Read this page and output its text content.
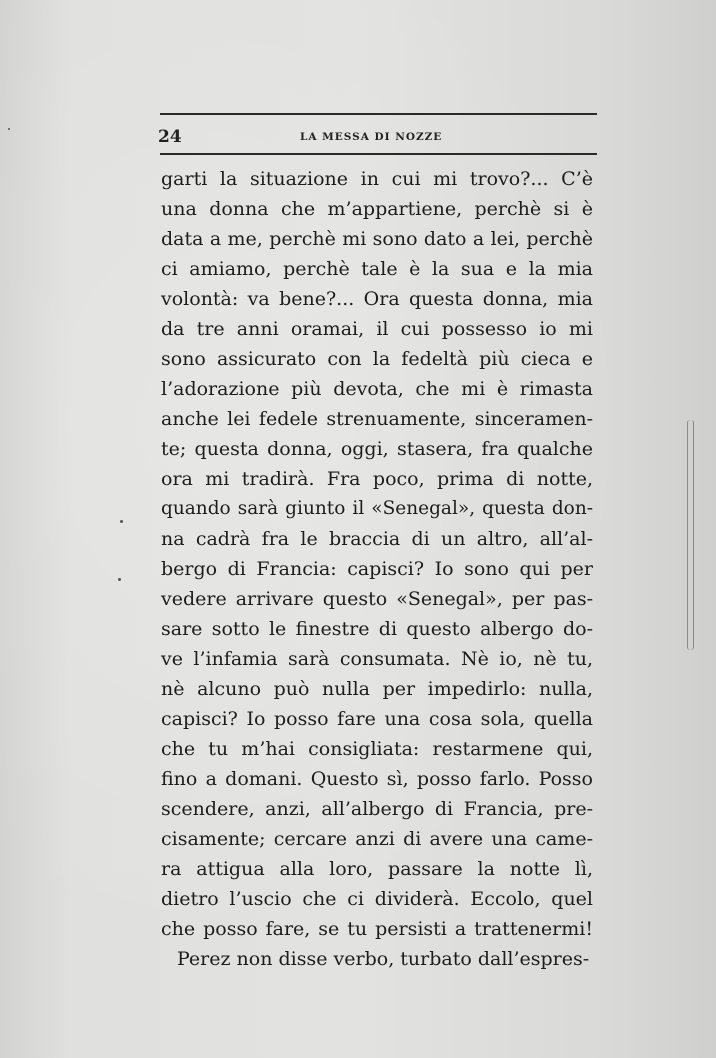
24	LA MESSA DI NOZZE
garti la situazione in cui mi trovo?... C’è
una donna che m’appartiene, perchè si è
data a me, perchè mi sono dato a lei, perchè
ci amiamo, perchè tale è la sua e la mia
volontà: va bene?... Ora questa donna, mia
da tre anni oramai, il cui possesso io mi
sono assicurato con la fedeltà più cieca e
l’adorazione più devota, che mi è rimasta
anche lei fedele strenuamente, sinceramen-
te; questa donna, oggi, stasera, fra qualche
ora mi tradirà. Fra poco, prima di notte,
quando sarà giunto il «Senegal», questa don-
na cadrà fra le braccia di un altro, all’al-
bergo di Francia: capisci? Io sono qui per
vedere arrivare questo «Senegal», per pas-
sare sotto le finestre di questo albergo do-
ve l’infamia sarà consumata. Nè io, nè tu,
nè alcuno può nulla per impedirlo: nulla,
capisci? Io posso fare una cosa sola, quella
che tu m’hai consigliata: restarmene qui,
fino a domani. Questo sì, posso farlo. Posso
scendere, anzi, all’albergo di Francia, pre-
cisamente; cercare anzi di avere una came-
ra attigua alla loro, passare la notte lì,
dietro l’uscio che ci dividerà. Eccolo, quel
che posso fare, se tu persisti a trattenermi!
Perez non disse verbo, turbato dall’espres-
